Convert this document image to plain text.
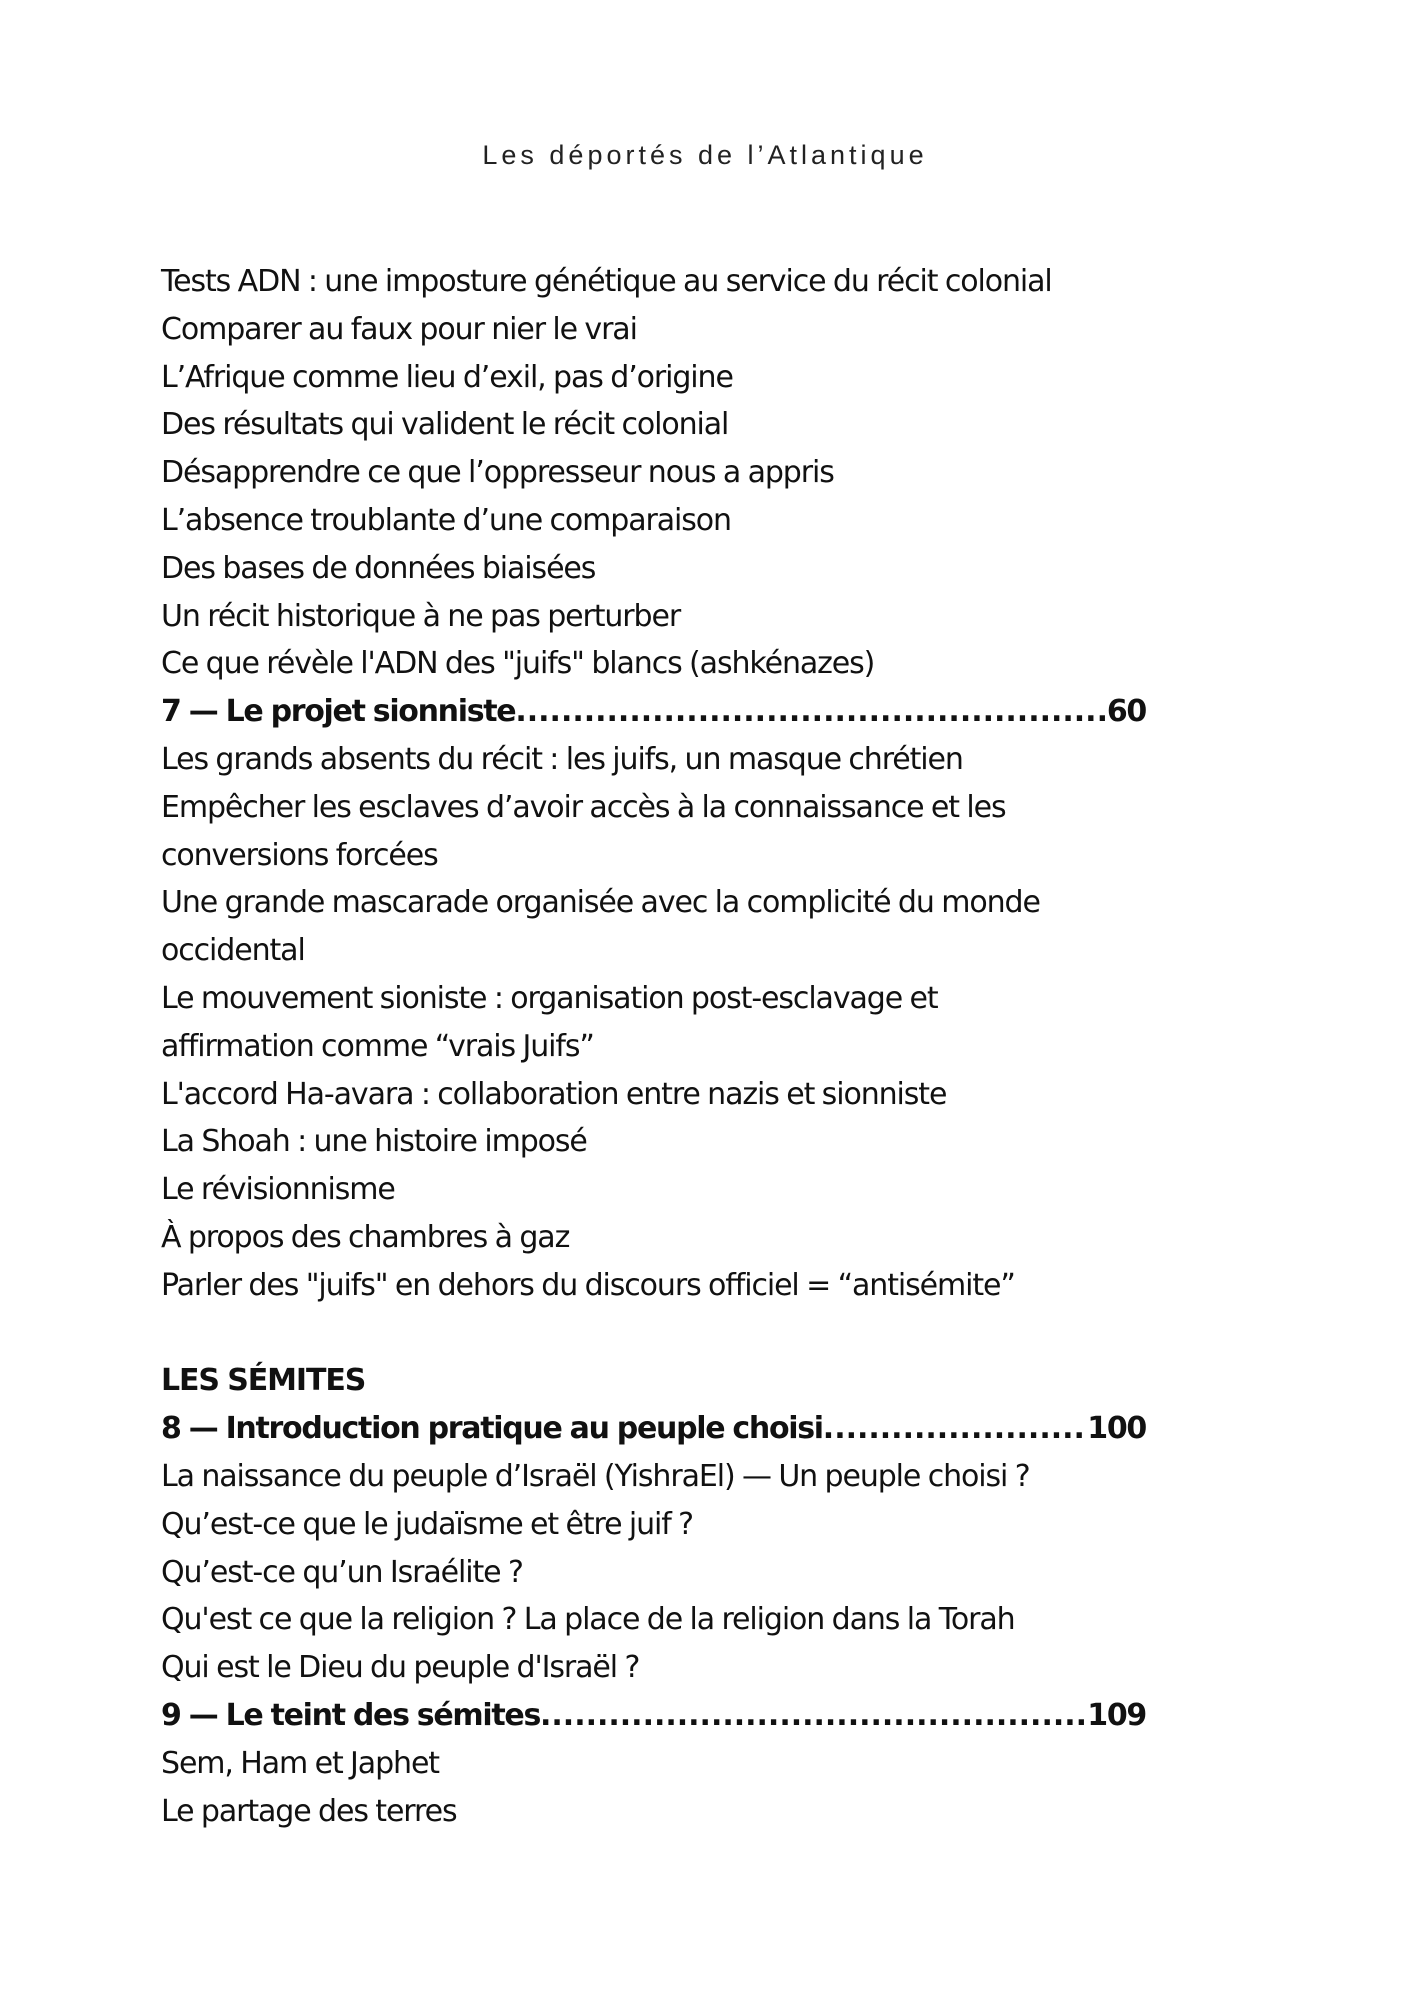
Les déportés de l’Atlantique
Tests ADN : une imposture génétique au service du récit colonial
Comparer au faux pour nier le vrai
L’Afrique comme lieu d’exil, pas d’origine
Des résultats qui valident le récit colonial
Désapprendre ce que l’oppresseur nous a appris
L’absence troublante d’une comparaison
Des bases de données biaisées
Un récit historique à ne pas perturber
Ce que révèle l'ADN des "juifs" blancs (ashkénazes)
7 — Le projet sionniste .....	60
Les grands absents du récit : les juifs, un masque chrétien
Empêcher les esclaves d’avoir accès à la connaissance et les
conversions forcées
Une grande mascarade organisée avec la complicité du monde
occidental
Le mouvement sioniste : organisation post-esclavage et
affirmation comme “vrais Juifs”
L'accord Ha-avara : collaboration entre nazis et sionniste
La Shoah : une histoire imposé
Le révisionnisme
À propos des chambres à gaz
Parler des "juifs" en dehors du discours officiel = “antisémite”
LES SÉMITES
8 — Introduction pratique au peuple choisi .....	100
La naissance du peuple d’Israël (YishraEl) — Un peuple choisi ?
Qu’est-ce que le judaïsme et être juif ?
Qu’est-ce qu’un Israélite ?
Qu'est ce que la religion ? La place de la religion dans la Torah
Qui est le Dieu du peuple d'Israël ?
9 — Le teint des sémites .....	109
Sem, Ham et Japhet
Le partage des terres
